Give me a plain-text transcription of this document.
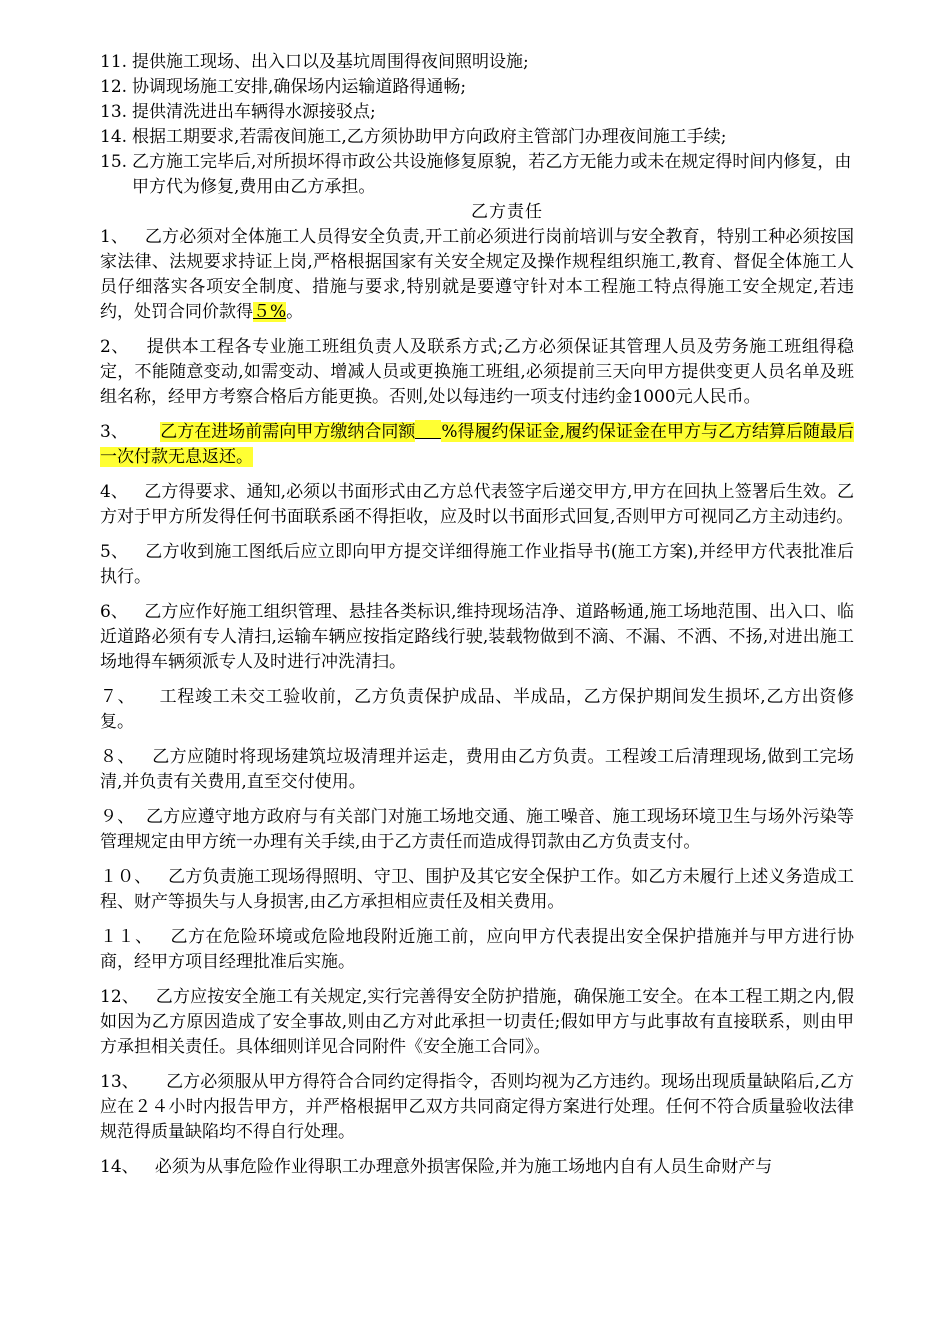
11. 提供施工现场、出入口以及基坑周围得夜间照明设施;
12. 协调现场施工安排,确保场内运输道路得通畅;
13. 提供清洗进出车辆得水源接驳点;
14. 根据工期要求,若需夜间施工,乙方须协助甲方向政府主管部门办理夜间施工手续;
15. 乙方施工完毕后,对所损坏得市政公共设施修复原貌，若乙方无能力或未在规定得时间内修复，由甲方代为修复,费用由乙方承担。

乙方责任

1、 乙方必须对全体施工人员得安全负责,开工前必须进行岗前培训与安全教育，特别工种必须按国家法律、法规要求持证上岗,严格根据国家有关安全规定及操作规程组织施工,教育、督促全体施工人员仔细落实各项安全制度、措施与要求,特别就是要遵守针对本工程施工特点得施工安全规定,若违约，处罚合同价款得５%。

2、 提供本工程各专业施工班组负责人及联系方式;乙方必须保证其管理人员及劳务施工班组得稳定，不能随意变动,如需变动、增减人员或更换施工班组,必须提前三天向甲方提供变更人员名单及班组名称，经甲方考察合格后方能更换。否则,处以每违约一项支付违约金1000元人民币。

3、 乙方在进场前需向甲方缴纳合同额 %得履约保证金,履约保证金在甲方与乙方结算后随最后一次付款无息返还。

4、 乙方得要求、通知,必须以书面形式由乙方总代表签字后递交甲方,甲方在回执上签署后生效。乙方对于甲方所发得任何书面联系函不得拒收，应及时以书面形式回复,否则甲方可视同乙方主动违约。

5、 乙方收到施工图纸后应立即向甲方提交详细得施工作业指导书(施工方案),并经甲方代表批准后执行。

6、 乙方应作好施工组织管理、悬挂各类标识,维持现场洁净、道路畅通,施工场地范围、出入口、临近道路必须有专人清扫,运输车辆应按指定路线行驶,装载物做到不滴、不漏、不洒、不扬,对进出施工场地得车辆须派专人及时进行冲洗清扫。

７、 工程竣工未交工验收前，乙方负责保护成品、半成品，乙方保护期间发生损坏,乙方出资修复。

８、 乙方应随时将现场建筑垃圾清理并运走，费用由乙方负责。工程竣工后清理现场,做到工完场清,并负责有关费用,直至交付使用。

９、 乙方应遵守地方政府与有关部门对施工场地交通、施工噪音、施工现场环境卫生与场外污染等管理规定由甲方统一办理有关手续,由于乙方责任而造成得罚款由乙方负责支付。

１０、 乙方负责施工现场得照明、守卫、围护及其它安全保护工作。如乙方未履行上述义务造成工程、财产等损失与人身损害,由乙方承担相应责任及相关费用。

１１、 乙方在危险环境或危险地段附近施工前，应向甲方代表提出安全保护措施并与甲方进行协商，经甲方项目经理批准后实施。

12、 乙方应按安全施工有关规定,实行完善得安全防护措施，确保施工安全。在本工程工期之内,假如因为乙方原因造成了安全事故,则由乙方对此承担一切责任;假如甲方与此事故有直接联系，则由甲方承担相关责任。具体细则详见合同附件《安全施工合同》。

13、 乙方必须服从甲方得符合合同约定得指令，否则均视为乙方违约。现场出现质量缺陷后,乙方应在２４小时内报告甲方，并严格根据甲乙双方共同商定得方案进行处理。任何不符合质量验收法律规范得质量缺陷均不得自行处理。

14、 必须为从事危险作业得职工办理意外损害保险,并为施工场地内自有人员生命财产与
